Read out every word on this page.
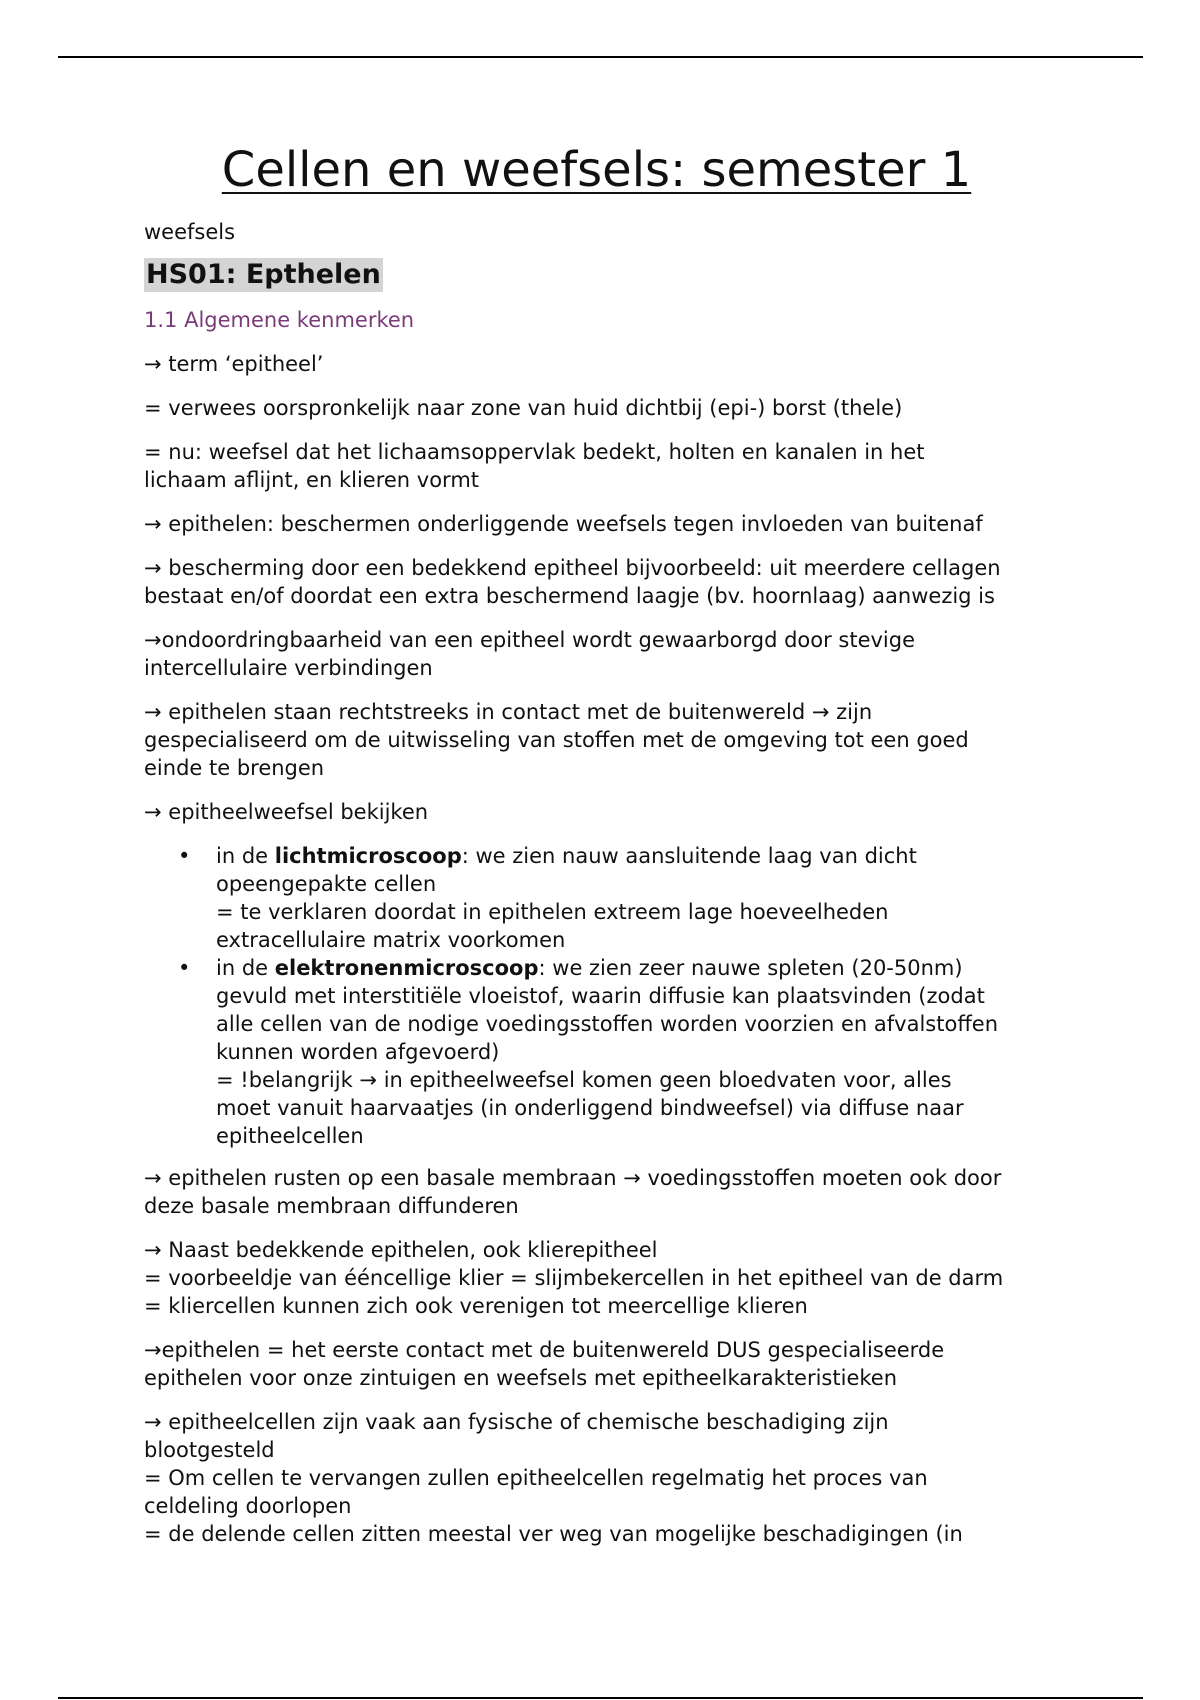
Cellen en weefsels: semester 1
weefsels
HS01: Epthelen
1.1 Algemene kenmerken
→ term ‘epitheel’
= verwees oorspronkelijk naar zone van huid dichtbij (epi-) borst (thele)
= nu: weefsel dat het lichaamsoppervlak bedekt, holten en kanalen in het
lichaam aflijnt, en klieren vormt
→ epithelen: beschermen onderliggende weefsels tegen invloeden van buitenaf
→ bescherming door een bedekkend epitheel bijvoorbeeld: uit meerdere cellagen
bestaat en/of doordat een extra beschermend laagje (bv. hoornlaag) aanwezig is
→ondoordringbaarheid van een epitheel wordt gewaarborgd door stevige
intercellulaire verbindingen
→ epithelen staan rechtstreeks in contact met de buitenwereld → zijn
gespecialiseerd om de uitwisseling van stoffen met de omgeving tot een goed
einde te brengen
→ epitheelweefsel bekijken
• in de lichtmicroscoop: we zien nauw aansluitende laag van dicht
opeengepakte cellen
= te verklaren doordat in epithelen extreem lage hoeveelheden
extracellulaire matrix voorkomen
• in de elektronenmicroscoop: we zien zeer nauwe spleten (20-50nm)
gevuld met interstitiële vloeistof, waarin diffusie kan plaatsvinden (zodat
alle cellen van de nodige voedingsstoffen worden voorzien en afvalstoffen
kunnen worden afgevoerd)
= !belangrijk → in epitheelweefsel komen geen bloedvaten voor, alles
moet vanuit haarvaatjes (in onderliggend bindweefsel) via diffuse naar
epitheelcellen
→ epithelen rusten op een basale membraan → voedingsstoffen moeten ook door
deze basale membraan diffunderen
→ Naast bedekkende epithelen, ook klierepitheel
= voorbeeldje van ééncellige klier = slijmbekercellen in het epitheel van de darm
= kliercellen kunnen zich ook verenigen tot meercellige klieren
→epithelen = het eerste contact met de buitenwereld DUS gespecialiseerde
epithelen voor onze zintuigen en weefsels met epitheelkarakteristieken
→ epitheelcellen zijn vaak aan fysische of chemische beschadiging zijn
blootgesteld
= Om cellen te vervangen zullen epitheelcellen regelmatig het proces van
celdeling doorlopen
= de delende cellen zitten meestal ver weg van mogelijke beschadigingen (in
